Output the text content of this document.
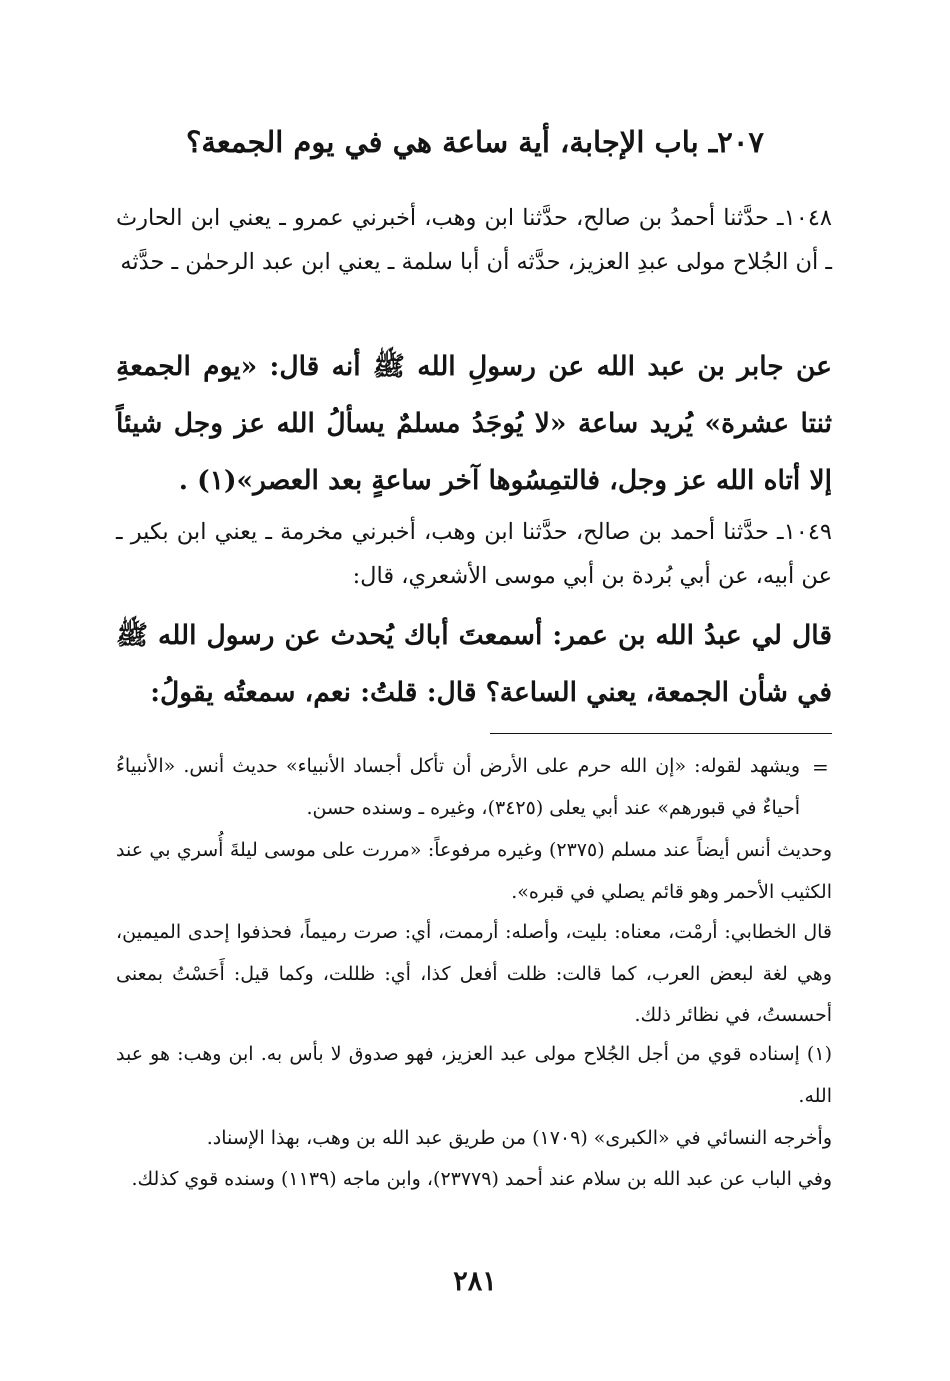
٢٠٧ـ باب الإجابة، أية ساعة هي في يوم الجمعة؟
١٠٤٨ـ حدَّثنا أحمدُ بن صالح، حدَّثنا ابن وهب، أخبرني عمرو ـ يعني ابن الحارث ـ أن الجُلاح مولى عبدِ العزيز، حدَّثه أن أبا سلمة ـ يعني ابن عبد الرحمٰن ـ حدَّثه
عن جابر بن عبد الله عن رسولِ الله ﷺ أنه قال: «يوم الجمعةِ ثنتا عشرة» يُريد ساعة «لا يُوجَدُ مسلمٌ يسألُ الله عز وجل شيئاً إلا أتاه الله عز وجل، فالتمِسُوها آخر ساعةٍ بعد العصر»(١) .
١٠٤٩ـ حدَّثنا أحمد بن صالح، حدَّثنا ابن وهب، أخبرني مخرمة ـ يعني ابن بكير ـ عن أبيه، عن أبي بُردة بن أبي موسى الأشعري، قال:
قال لي عبدُ الله بن عمر: أسمعتَ أباك يُحدث عن رسول الله ﷺ في شأن الجمعة، يعني الساعة؟ قال: قلتُ: نعم، سمعتُه يقولُ:
ويشهد لقوله: «إن الله حرم على الأرض أن تأكل أجساد الأنبياء» حديث أنس. «الأنبياءُ أحياءٌ في قبورهم» عند أبي يعلى (٣٤٢٥)، وغيره ـ وسنده حسن.
=
وحديث أنس أيضاً عند مسلم (٢٣٧٥) وغيره مرفوعاً: «مررت على موسى ليلةَ أُسري بي عند الكثيب الأحمر وهو قائم يصلي في قبره».
قال الخطابي: أرمْت، معناه: بليت، وأصله: أرممت، أي: صرت رميماً، فحذفوا إحدى الميمين، وهي لغة لبعض العرب، كما قالت: ظلت أفعل كذا، أي: ظللت، وكما قيل: أَحَسْتُ بمعنى أحسستُ، في نظائر ذلك.
(١) إسناده قوي من أجل الجُلاح مولى عبد العزيز، فهو صدوق لا بأس به. ابن وهب: هو عبد الله.
وأخرجه النسائي في «الكبرى» (١٧٠٩) من طريق عبد الله بن وهب، بهذا الإسناد.
وفي الباب عن عبد الله بن سلام عند أحمد (٢٣٧٧٩)، وابن ماجه (١١٣٩) وسنده قوي كذلك.
٢٨١
